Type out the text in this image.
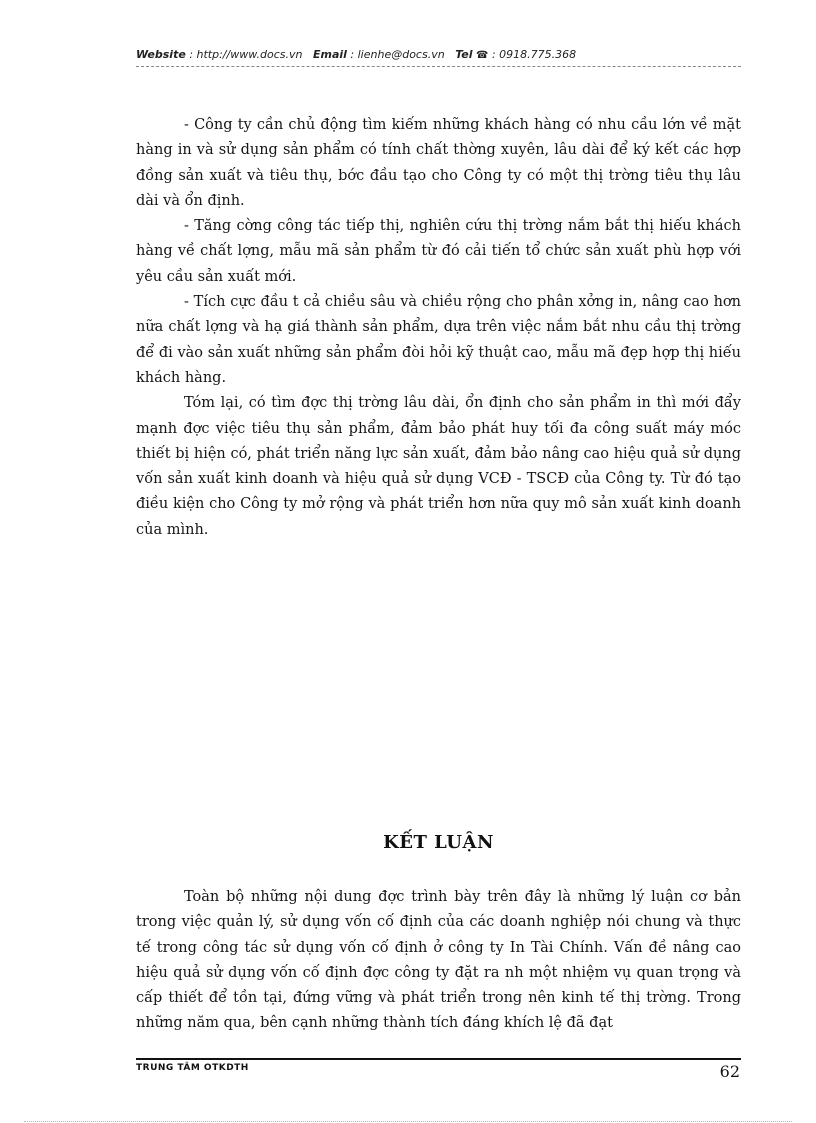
Website : http://www.docs.vn Email : lienhe@docs.vn Tel ☎ : 0918.775.368

- Công ty cần chủ động tìm kiếm những khách hàng có nhu cầu lớn về mặt hàng in và sử dụng sản phẩm có tính chất thờng xuyên, lâu dài để ký kết các hợp đồng sản xuất và tiêu thụ, bớc đầu tạo cho Công ty có một thị trờng tiêu thụ lâu dài và ổn định.

- Tăng cờng công tác tiếp thị, nghiên cứu thị trờng nắm bắt thị hiếu khách hàng về chất lợng, mẫu mã sản phẩm từ đó cải tiến tổ chức sản xuất phù hợp với yêu cầu sản xuất mới.

- Tích cực đầu t cả chiều sâu và chiều rộng cho phân xởng in, nâng cao hơn nữa chất lợng và hạ giá thành sản phẩm, dựa trên việc nắm bắt nhu cầu thị trờng để đi vào sản xuất những sản phẩm đòi hỏi kỹ thuật cao, mẫu mã đẹp hợp thị hiếu khách hàng.

Tóm lại, có tìm đợc thị trờng lâu dài, ổn định cho sản phẩm in thì mới đẩy mạnh đợc việc tiêu thụ sản phẩm, đảm bảo phát huy tối đa công suất máy móc thiết bị hiện có, phát triển năng lực sản xuất, đảm bảo nâng cao hiệu quả sử dụng vốn sản xuất kinh doanh và hiệu quả sử dụng VCĐ - TSCĐ của Công ty. Từ đó tạo điều kiện cho Công ty mở rộng và phát triển hơn nữa quy mô sản xuất kinh doanh của mình.

KẾT LUẬN

Toàn bộ những nội dung đợc trình bày trên đây là những lý luận cơ bản trong việc quản lý, sử dụng vốn cố định của các doanh nghiệp nói chung và thực tế trong công tác sử dụng vốn cố định ở công ty In Tài Chính. Vấn đề nâng cao hiệu quả sử dụng vốn cố định đợc công ty đặt ra nh một nhiệm vụ quan trọng và cấp thiết để tồn tại, đứng vững và phát triển trong nên kinh tế thị trờng. Trong những năm qua, bên cạnh những thành tích đáng khích lệ đã đạt

TRUNG TÂM OTKDTH	62
